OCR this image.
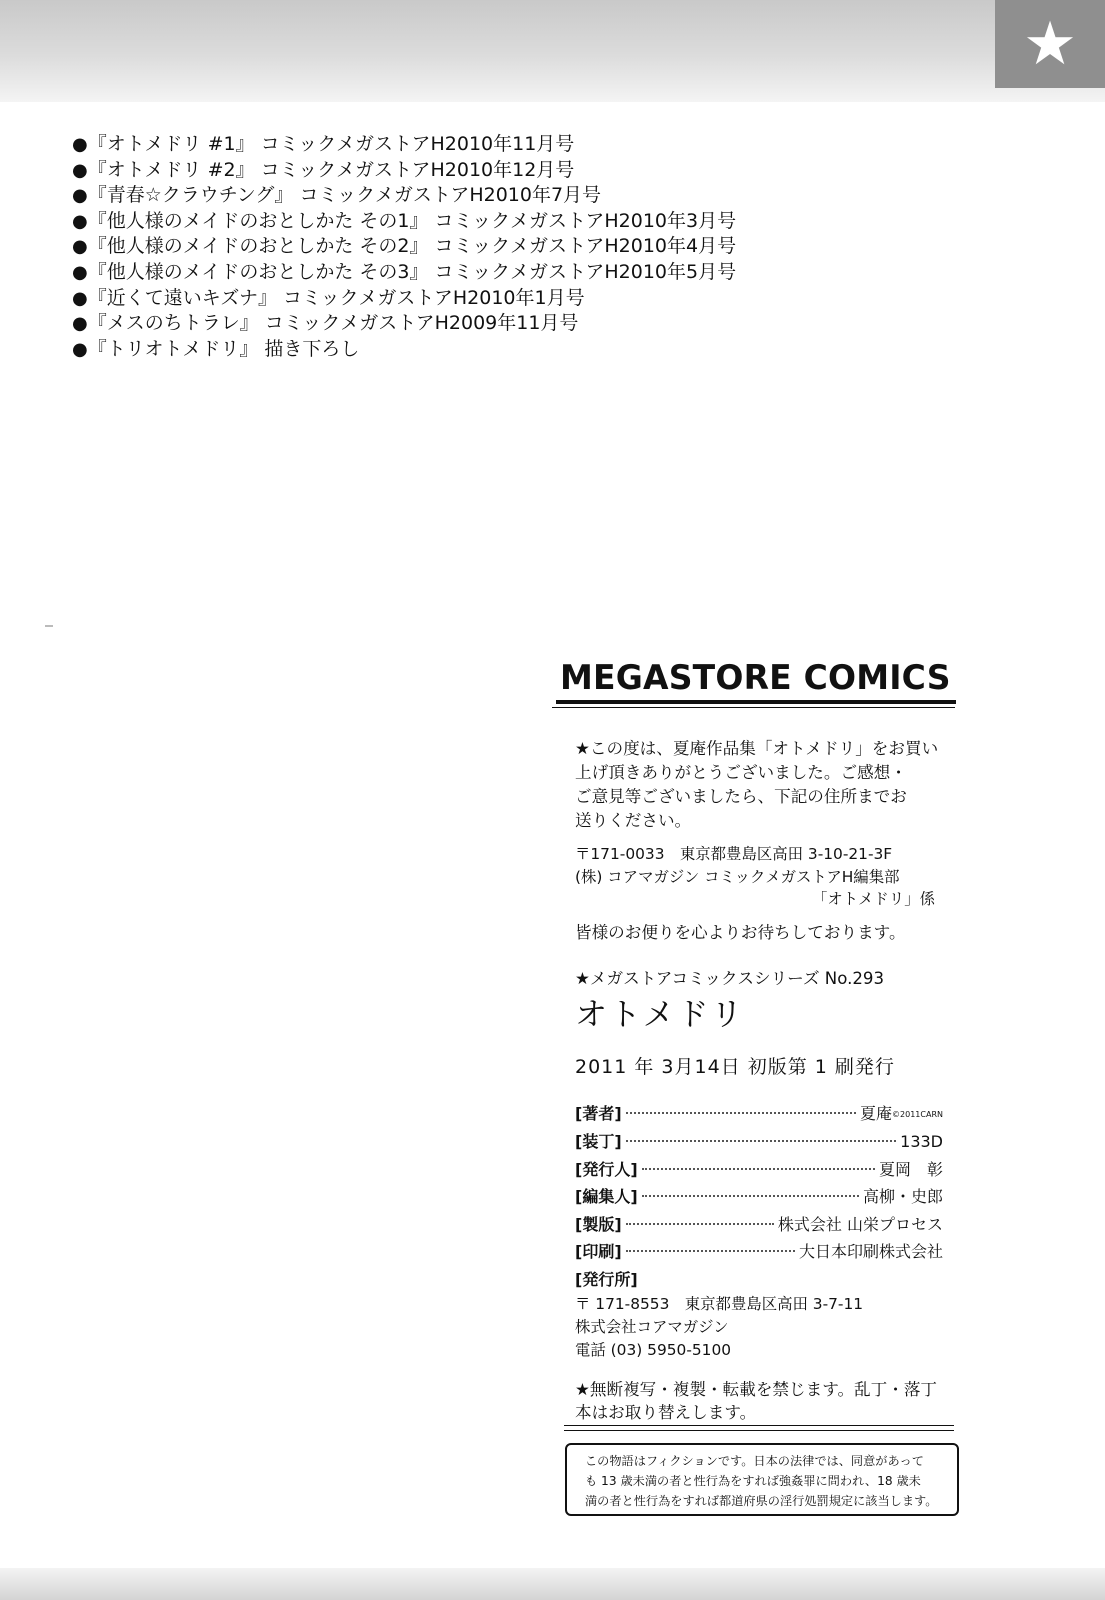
★
●『オトメドリ #1』 コミックメガストアH2010年11月号
●『オトメドリ #2』 コミックメガストアH2010年12月号
●『青春☆クラウチング』 コミックメガストアH2010年7月号
●『他人様のメイドのおとしかた その1』 コミックメガストアH2010年3月号
●『他人様のメイドのおとしかた その2』 コミックメガストアH2010年4月号
●『他人様のメイドのおとしかた その3』 コミックメガストアH2010年5月号
●『近くて遠いキズナ』 コミックメガストアH2010年1月号
●『メスのちトラレ』 コミックメガストアH2009年11月号
●『トリオトメドリ』 描き下ろし
MEGASTORE COMICS

★この度は、夏庵作品集「オトメドリ」をお買い

上げ頂きありがとうございました。ご感想・

ご意見等ございましたら、下記の住所までお

送りください。

〒171-0033　東京都豊島区高田 3-10-21-3F

(株) コアマガジン コミックメガストアH編集部

「オトメドリ」係

皆様のお便りを心よりお待ちしております。

★メガストアコミックスシリーズ No.293
オトメドリ
2011 年 3月14日 初版第 1 刷発行
[著者]	夏庵©2011CARN
[装丁]	133D
[発行人]	夏岡　彰
[編集人]	高柳・史郎
[製版]	株式会社 山栄プロセス
[印刷]	大日本印刷株式会社
[発行所]
〒 171-8553　東京都豊島区高田 3-7-11
株式会社コアマガジン
電話 (03) 5950-5100
★無断複写・複製・転載を禁じます。乱丁・落丁
本はお取り替えします。
この物語はフィクションです。日本の法律では、同意があって
も 13 歳未満の者と性行為をすれば強姦罪に問われ、18 歳未
満の者と性行為をすれば都道府県の淫行処罰規定に該当します。
